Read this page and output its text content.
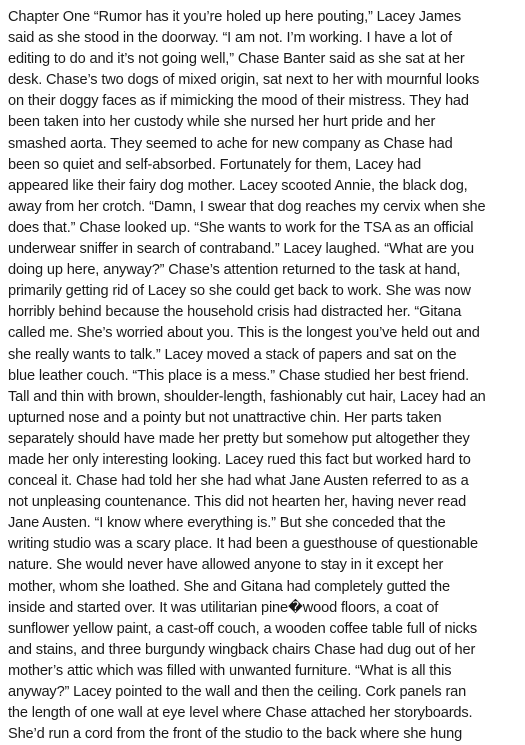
Chapter One “Rumor has it you’re holed up here pouting,” Lacey James
said as she stood in the doorway. “I am not. I’m working. I have a lot of
editing to do and it’s not going well,” Chase Banter said as she sat at her
desk. Chase’s two dogs of mixed origin, sat next to her with mournful looks
on their doggy faces as if mimicking the mood of their mistress. They had
been taken into her custody while she nursed her hurt pride and her
smashed aorta. They seemed to ache for new company as Chase had
been so quiet and self-absorbed. Fortunately for them, Lacey had
appeared like their fairy dog mother. Lacey scooted Annie, the black dog,
away from her crotch. “Damn, I swear that dog reaches my cervix when she
does that.” Chase looked up. “She wants to work for the TSA as an official
underwear sniffer in search of contraband.” Lacey laughed. “What are you
doing up here, anyway?” Chase’s attention returned to the task at hand,
primarily getting rid of Lacey so she could get back to work. She was now
horribly behind because the household crisis had distracted her. “Gitana
called me. She’s worried about you. This is the longest you’ve held out and
she really wants to talk.” Lacey moved a stack of papers and sat on the
blue leather couch. “This place is a mess.” Chase studied her best friend.
Tall and thin with brown, shoulder-length, fashionably cut hair, Lacey had an
upturned nose and a pointy but not unattractive chin. Her parts taken
separately should have made her pretty but somehow put altogether they
made her only interesting looking. Lacey rued this fact but worked hard to
conceal it. Chase had told her she had what Jane Austen referred to as a
not unpleasing countenance. This did not hearten her, having never read
Jane Austen. “I know where everything is.” But she conceded that the
writing studio was a scary place. It had been a guesthouse of questionable
nature. She would never have allowed anyone to stay in it except her
mother, whom she loathed. She and Gitana had completely gutted the
inside and started over. It was utilitarian pine�wood floors, a coat of
sunflower yellow paint, a cast-off couch, a wooden coffee table full of nicks
and stains, and three burgundy wingback chairs Chase had dug out of her
mother’s attic which was filled with unwanted furniture. “What is all this
anyway?” Lacey pointed to the wall and then the ceiling. Cork panels ran
the length of one wall at eye level where Chase attached her storyboards.
She’d run a cord from the front of the studio to the back where she hung
